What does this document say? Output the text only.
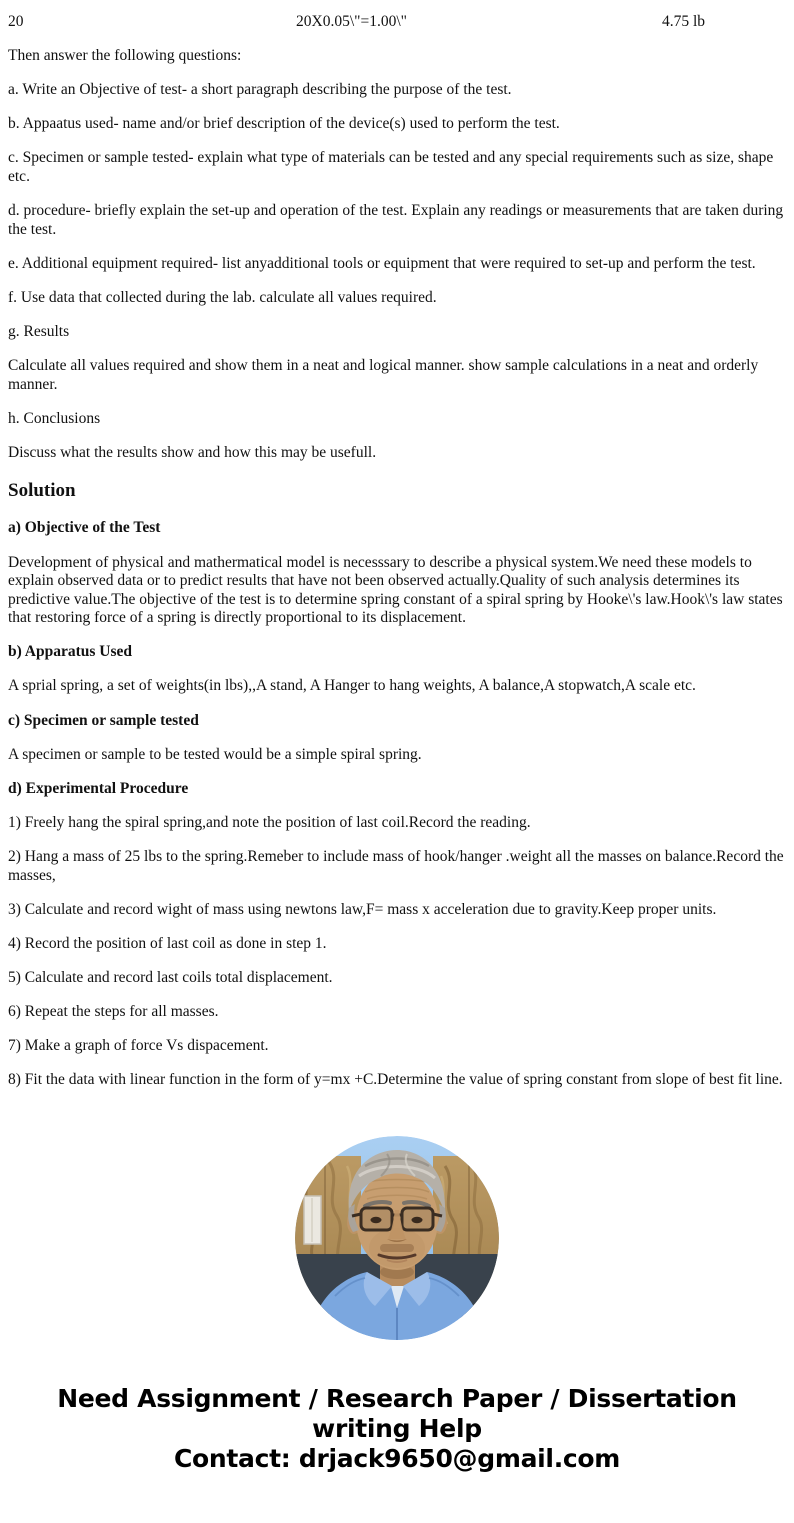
20	20X0.05\"=1.00\"	4.75 lb

Then answer the following questions:

a. Write an Objective of test- a short paragraph describing the purpose of the test.

b. Appaatus used- name and/or brief description of the device(s) used to perform the test.

c. Specimen or sample tested- explain what type of materials can be tested and any special requirements such as size, shape etc.

d. procedure- briefly explain the set-up and operation of the test. Explain any readings or measurements that are taken during the test.

e. Additional equipment required- list anyadditional tools or equipment that were required to set-up and perform the test.

f. Use data that collected during the lab. calculate all values required.

g. Results

Calculate all values required and show them in a neat and logical manner. show sample calculations in a neat and orderly manner.

h. Conclusions

Discuss what the results show and how this may be usefull.

Solution
a) Objective of the Test

Development of physical and mathermatical model is necesssary to describe a physical system.We need these models to explain observed data or to predict results that have not been observed actually.Quality of such analysis determines its predictive value.The objective of the test is to determine spring constant of a spiral spring by Hooke\'s law.Hook\'s law states that restoring force of a spring is directly proportional to its displacement.

b) Apparatus Used

A sprial spring, a set of weights(in lbs),,A stand, A Hanger to hang weights, A balance,A stopwatch,A scale etc.

c) Specimen or sample tested

A specimen or sample to be tested would be a simple spiral spring.

d) Experimental Procedure

1) Freely hang the spiral spring,and note the position of last coil.Record the reading.

2) Hang a mass of 25 lbs to the spring.Remeber to include mass of hook/hanger .weight all the masses on balance.Record the masses,

3) Calculate and record wight of mass using newtons law,F= mass x acceleration due to gravity.Keep proper units.

4) Record the position of last coil as done in step 1.

5) Calculate and record last coils total displacement.

6) Repeat the steps for all masses.

7) Make a graph of force Vs dispacement.

8) Fit the data with linear function in the form of y=mx +C.Determine the value of spring constant from slope of best fit line.

Need Assignment / Research Paper / Dissertation
writing Help
Contact: drjack9650@gmail.com
